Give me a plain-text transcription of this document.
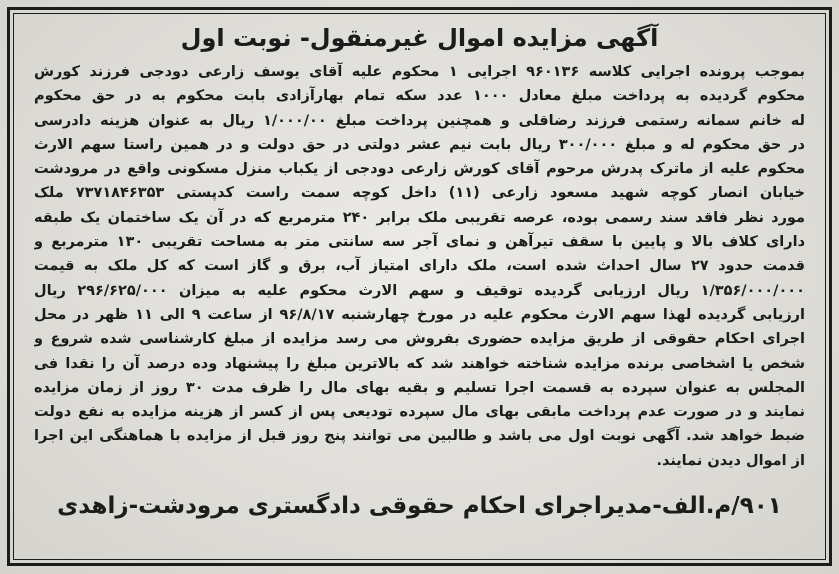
آگهی مزایده اموال غیرمنقول- نوبت اول
بموجب پرونده اجرایی کلاسه ۹۶۰۱۳۶ اجرایی ۱ محکوم علیه آقای یوسف زارعی دودجی فرزند کورش
محکوم گردیده به پرداخت مبلغ معادل ۱۰۰۰ عدد سکه تمام بهارآزادی بابت محکوم به در حق محکوم
له خانم سمانه رستمی فرزند رضاقلی و همچنین پرداخت مبلغ ۱/۰۰۰/۰۰ ریال به عنوان هزینه دادرسی
در حق محکوم له و مبلغ ۳۰۰/۰۰۰ ریال بابت نیم عشر دولتی در حق دولت و در همین راستا سهم الارث
محکوم علیه از ماترک پدرش مرحوم آقای کورش زارعی دودجی از یکباب منزل مسکونی واقع در مرودشت
خیابان انصار کوچه شهید مسعود زارعی (۱۱) داخل کوچه سمت راست کدپستی ۷۳۷۱۸۴۶۳۵۳ ملک
مورد نظر فاقد سند رسمی بوده، عرصه تقریبی ملک برابر ۲۴۰ مترمربع که در آن یک ساختمان یک طبقه
دارای کلاف بالا و پایین با سقف تیرآهن و نمای آجر سه سانتی متر به مساحت تقریبی ۱۳۰ مترمربع و
قدمت حدود ۲۷ سال احداث شده است، ملک دارای امتیاز آب، برق و گاز است که کل ملک به قیمت
۱/۳۵۶/۰۰۰/۰۰۰ ریال ارزیابی گردیده توقیف و سهم الارث محکوم علیه به میزان ۲۹۶/۶۲۵/۰۰۰ ریال
ارزیابی گردیده لهذا سهم الارث محکوم علیه در مورخ چهارشنبه ۹۶/۸/۱۷ از ساعت ۹ الی ۱۱ ظهر در محل
اجرای احکام حقوقی از طریق مزایده حضوری بفروش می رسد مزایده از مبلغ کارشناسی شده شروع و
شخص یا اشخاصی برنده مزایده شناخته خواهند شد که بالاترین مبلغ را پیشنهاد وده درصد آن را نقدا فی
المجلس به عنوان سپرده به قسمت اجرا تسلیم و بقیه بهای مال را ظرف مدت ۳۰ روز از زمان مزایده
نمایند و در صورت عدم پرداخت مابقی بهای مال سپرده تودیعی پس از کسر از هزینه مزایده به نفع دولت
ضبط خواهد شد. آگهی نوبت اول می باشد و طالبین می توانند پنج روز قبل از مزایده با هماهنگی این اجرا
از اموال دیدن نمایند.
۹۰۱/م.الف-مدیراجرای احکام حقوقی دادگستری مرودشت-زاهدی
